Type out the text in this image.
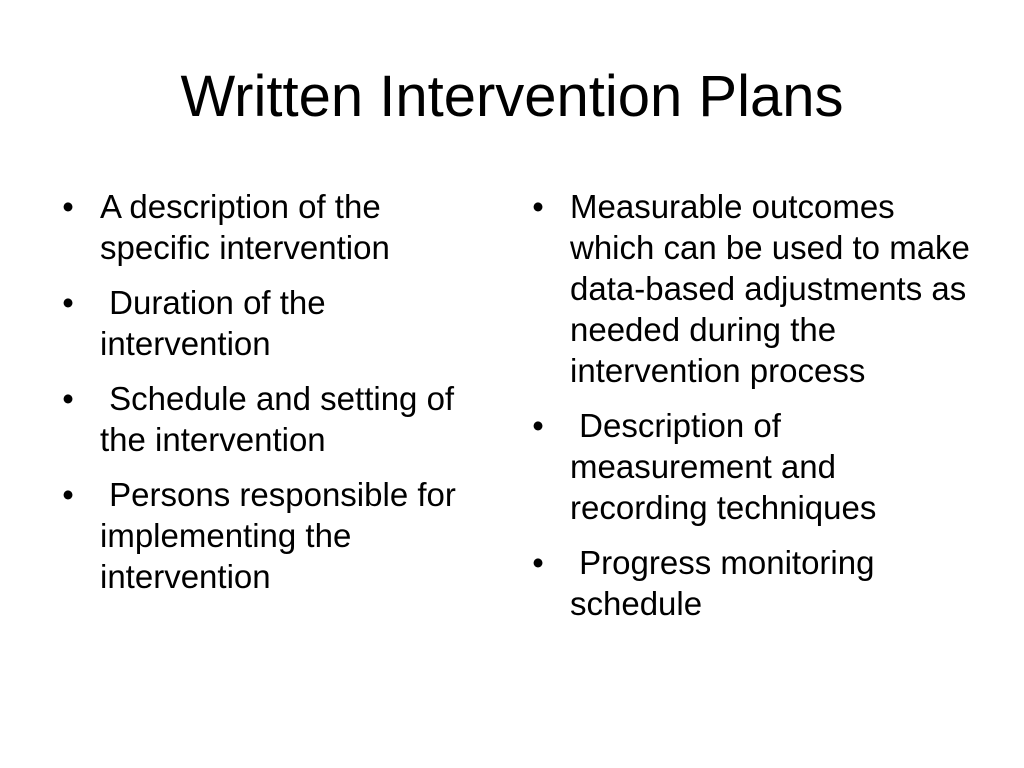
Written Intervention Plans
• A description of the specific intervention
• Duration of the intervention
• Schedule and setting of the intervention
• Persons responsible for implementing the intervention
• Measurable outcomes which can be used to make data-based adjustments as needed during the intervention process
• Description of measurement and recording techniques
• Progress monitoring schedule
